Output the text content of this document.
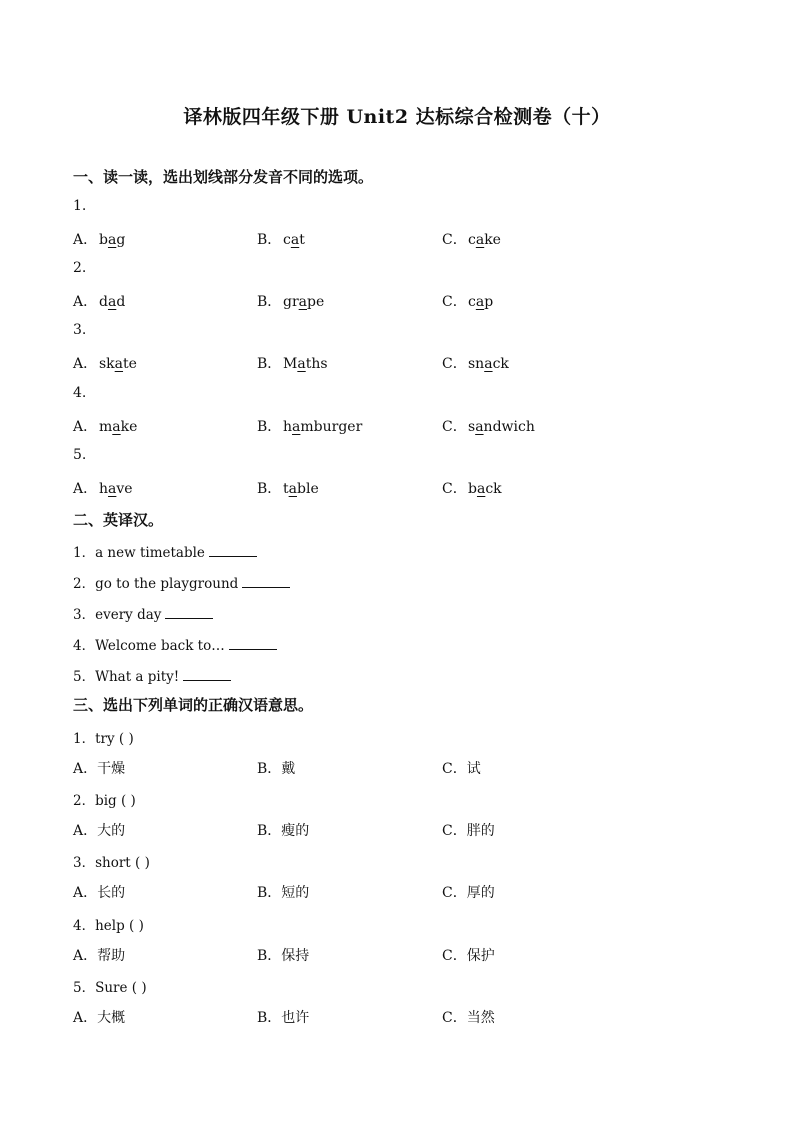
译林版四年级下册 Unit2 达标综合检测卷（十）
一、读一读，选出划线部分发音不同的选项。
1.
A． bag	B． cat	C．cake
2.
A． dad	B． grape	C．cap
3.
A． skate	B． Maths	C．snack
4.
A． make	B． hamburger	C．sandwich
5.
A． have	B． table	C．back
二、英译汉。
1．a new timetable
2．go to the playground
3．every day
4．Welcome back to…
5．What a pity!
三、选出下列单词的正确汉语意思。
1．try ( )
A．干燥	B．戴	C．试
2．big ( )
A．大的	B．瘦的	C．胖的
3．short ( )
A．长的	B．短的	C．厚的
4．help ( )
A．帮助	B．保持	C．保护
5．Sure ( )
A．大概	B．也许	C．当然
